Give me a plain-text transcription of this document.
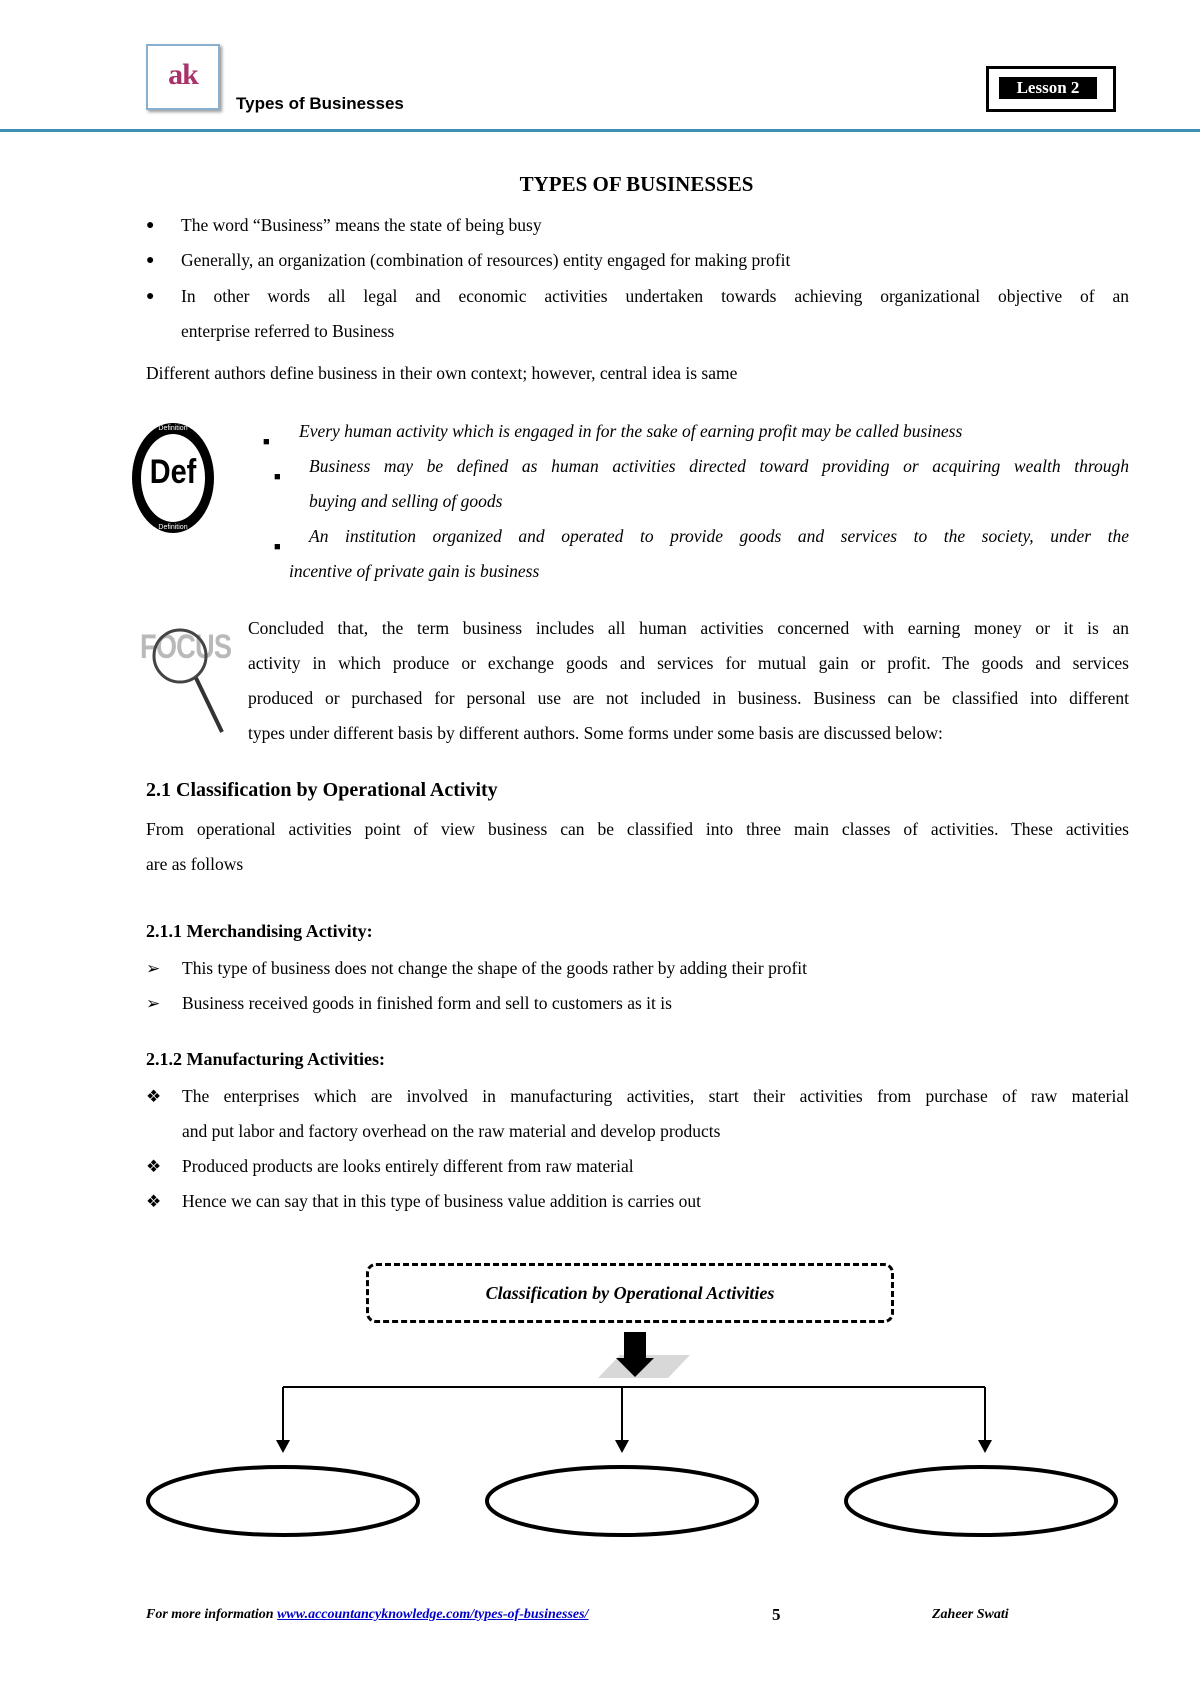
ak
Types of Businesses
Lesson 2
TYPES OF BUSINESSES
● The word “Business” means the state of being busy
● Generally, an organization (combination of resources) entity engaged for making profit
● In other words all legal and economic activities undertaken towards achieving organizational objective of an
enterprise referred to Business
Different authors define business in their own context; however, central idea is same
Definition
Def
Definition
■
Every human activity which is engaged in for the sake of earning profit may be called business
■
Business may be defined as human activities directed toward providing or acquiring wealth through
buying and selling of goods
■
An institution organized and operated to provide goods and services to the society, under the
incentive of private gain is business
FOCUS Concluded that, the term business includes all human activities concerned with earning money or it is an
activity in which produce or exchange goods and services for mutual gain or profit. The goods and services
produced or purchased for personal use are not included in business. Business can be classified into different
types under different basis by different authors. Some forms under some basis are discussed below:
2.1 Classification by Operational Activity
From operational activities point of view business can be classified into three main classes of activities. These activities
are as follows
2.1.1 Merchandising Activity:
➢ This type of business does not change the shape of the goods rather by adding their profit
➢ Business received goods in finished form and sell to customers as it is
2.1.2 Manufacturing Activities:
❖ The enterprises which are involved in manufacturing activities, start their activities from purchase of raw material
and put labor and factory overhead on the raw material and develop products
❖ Produced products are looks entirely different from raw material
❖ Hence we can say that in this type of business value addition is carries out
Classification by Operational Activities
For more information www.accountancyknowledge.com/types-of-businesses/	5	Zaheer Swati
